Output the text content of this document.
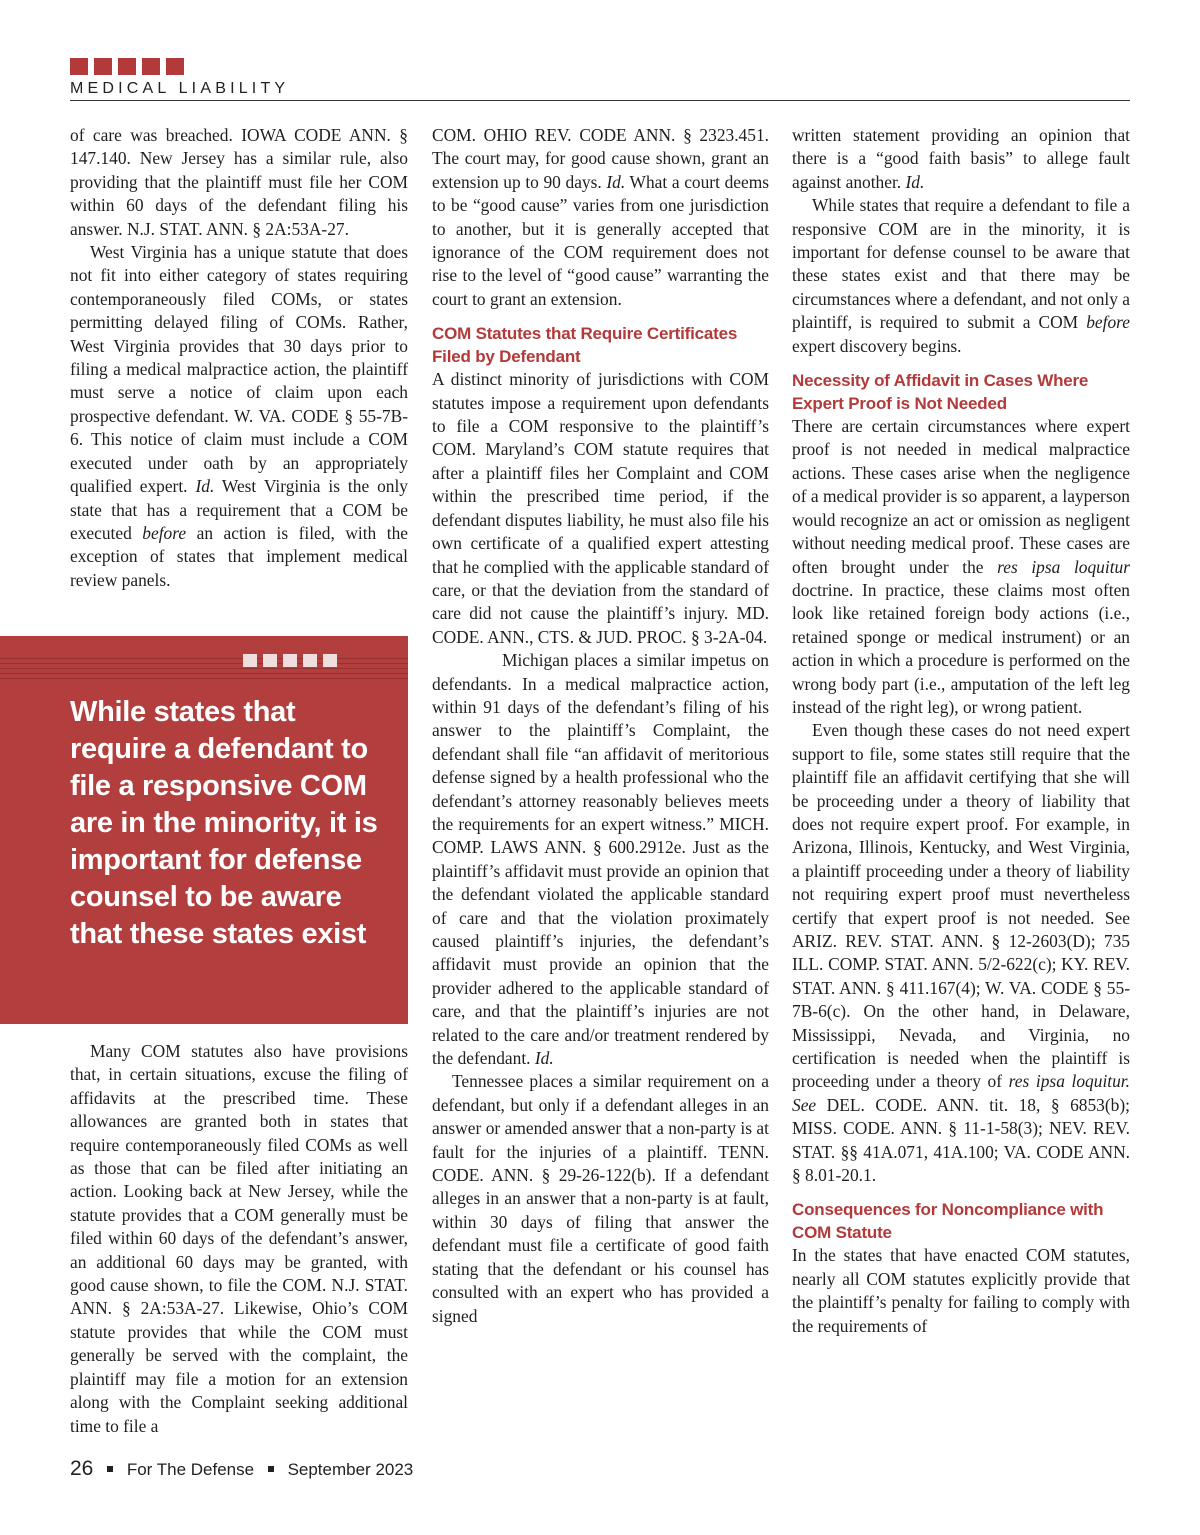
MEDICAL LIABILITY

of care was breached. IOWA CODE ANN. § 147.140. New Jersey has a similar rule, also providing that the plaintiff must file her COM within 60 days of the defendant filing his answer. N.J. STAT. ANN. § 2A:53A-27.

West Virginia has a unique statute that does not fit into either category of states requiring contemporaneously filed COMs, or states permitting delayed filing of COMs. Rather, West Virginia provides that 30 days prior to filing a medical malpractice action, the plaintiff must serve a notice of claim upon each prospective defendant. W. VA. CODE § 55-7B-6. This notice of claim must include a COM executed under oath by an appropriately qualified expert. Id. West Virginia is the only state that has a requirement that a COM be executed before an action is filed, with the exception of states that implement medical review panels.

While states that require a defendant to file a responsive COM are in the minority, it is important for defense counsel to be aware that these states exist

Many COM statutes also have provisions that, in certain situations, excuse the filing of affidavits at the prescribed time. These allowances are granted both in states that require contemporaneously filed COMs as well as those that can be filed after initiating an action. Looking back at New Jersey, while the statute provides that a COM generally must be filed within 60 days of the defendant’s answer, an additional 60 days may be granted, with good cause shown, to file the COM. N.J. STAT. ANN. § 2A:53A-27. Likewise, Ohio’s COM statute provides that while the COM must generally be served with the complaint, the plaintiff may file a motion for an extension along with the Complaint seeking additional time to file a

COM. OHIO REV. CODE ANN. § 2323.451. The court may, for good cause shown, grant an extension up to 90 days. Id. What a court deems to be “good cause” varies from one jurisdiction to another, but it is generally accepted that ignorance of the COM requirement does not rise to the level of “good cause” warranting the court to grant an extension.

COM Statutes that Require Certificates Filed by Defendant

A distinct minority of jurisdictions with COM statutes impose a requirement upon defendants to file a COM responsive to the plaintiff’s COM. Maryland’s COM statute requires that after a plaintiff files her Complaint and COM within the prescribed time period, if the defendant disputes liability, he must also file his own certificate of a qualified expert attesting that he complied with the applicable standard of care, or that the deviation from the standard of care did not cause the plaintiff’s injury. MD. CODE. ANN., CTS. & JUD. PROC. § 3-2A-04.

Michigan places a similar impetus on defendants. In a medical malpractice action, within 91 days of the defendant’s filing of his answer to the plaintiff’s Complaint, the defendant shall file “an affidavit of meritorious defense signed by a health professional who the defendant’s attorney reasonably believes meets the requirements for an expert witness.” MICH. COMP. LAWS ANN. § 600.2912e. Just as the plaintiff’s affidavit must provide an opinion that the defendant violated the applicable standard of care and that the violation proximately caused plaintiff’s injuries, the defendant’s affidavit must provide an opinion that the provider adhered to the applicable standard of care, and that the plaintiff’s injuries are not related to the care and/or treatment rendered by the defendant. Id.

Tennessee places a similar requirement on a defendant, but only if a defendant alleges in an answer or amended answer that a non-party is at fault for the injuries of a plaintiff. TENN. CODE. ANN. § 29-26-122(b). If a defendant alleges in an answer that a non-party is at fault, within 30 days of filing that answer the defendant must file a certificate of good faith stating that the defendant or his counsel has consulted with an expert who has provided a signed

written statement providing an opinion that there is a “good faith basis” to allege fault against another. Id.

While states that require a defendant to file a responsive COM are in the minority, it is important for defense counsel to be aware that these states exist and that there may be circumstances where a defendant, and not only a plaintiff, is required to submit a COM before expert discovery begins.

Necessity of Affidavit in Cases Where Expert Proof is Not Needed

There are certain circumstances where expert proof is not needed in medical malpractice actions. These cases arise when the negligence of a medical provider is so apparent, a layperson would recognize an act or omission as negligent without needing medical proof. These cases are often brought under the res ipsa loquitur doctrine. In practice, these claims most often look like retained foreign body actions (i.e., retained sponge or medical instrument) or an action in which a procedure is performed on the wrong body part (i.e., amputation of the left leg instead of the right leg), or wrong patient.

Even though these cases do not need expert support to file, some states still require that the plaintiff file an affidavit certifying that she will be proceeding under a theory of liability that does not require expert proof. For example, in Arizona, Illinois, Kentucky, and West Virginia, a plaintiff proceeding under a theory of liability not requiring expert proof must nevertheless certify that expert proof is not needed. See ARIZ. REV. STAT. ANN. § 12-2603(D); 735 ILL. COMP. STAT. ANN. 5/2-622(c); KY. REV. STAT. ANN. § 411.167(4); W. VA. CODE § 55-7B-6(c). On the other hand, in Delaware, Mississippi, Nevada, and Virginia, no certification is needed when the plaintiff is proceeding under a theory of res ipsa loquitur. See DEL. CODE. ANN. tit. 18, § 6853(b); MISS. CODE. ANN. § 11-1-58(3); NEV. REV. STAT. §§ 41A.071, 41A.100; VA. CODE ANN. § 8.01-20.1.

Consequences for Noncompliance with COM Statute

In the states that have enacted COM statutes, nearly all COM statutes explicitly provide that the plaintiff’s penalty for failing to comply with the requirements of

26 For The Defense September 2023
